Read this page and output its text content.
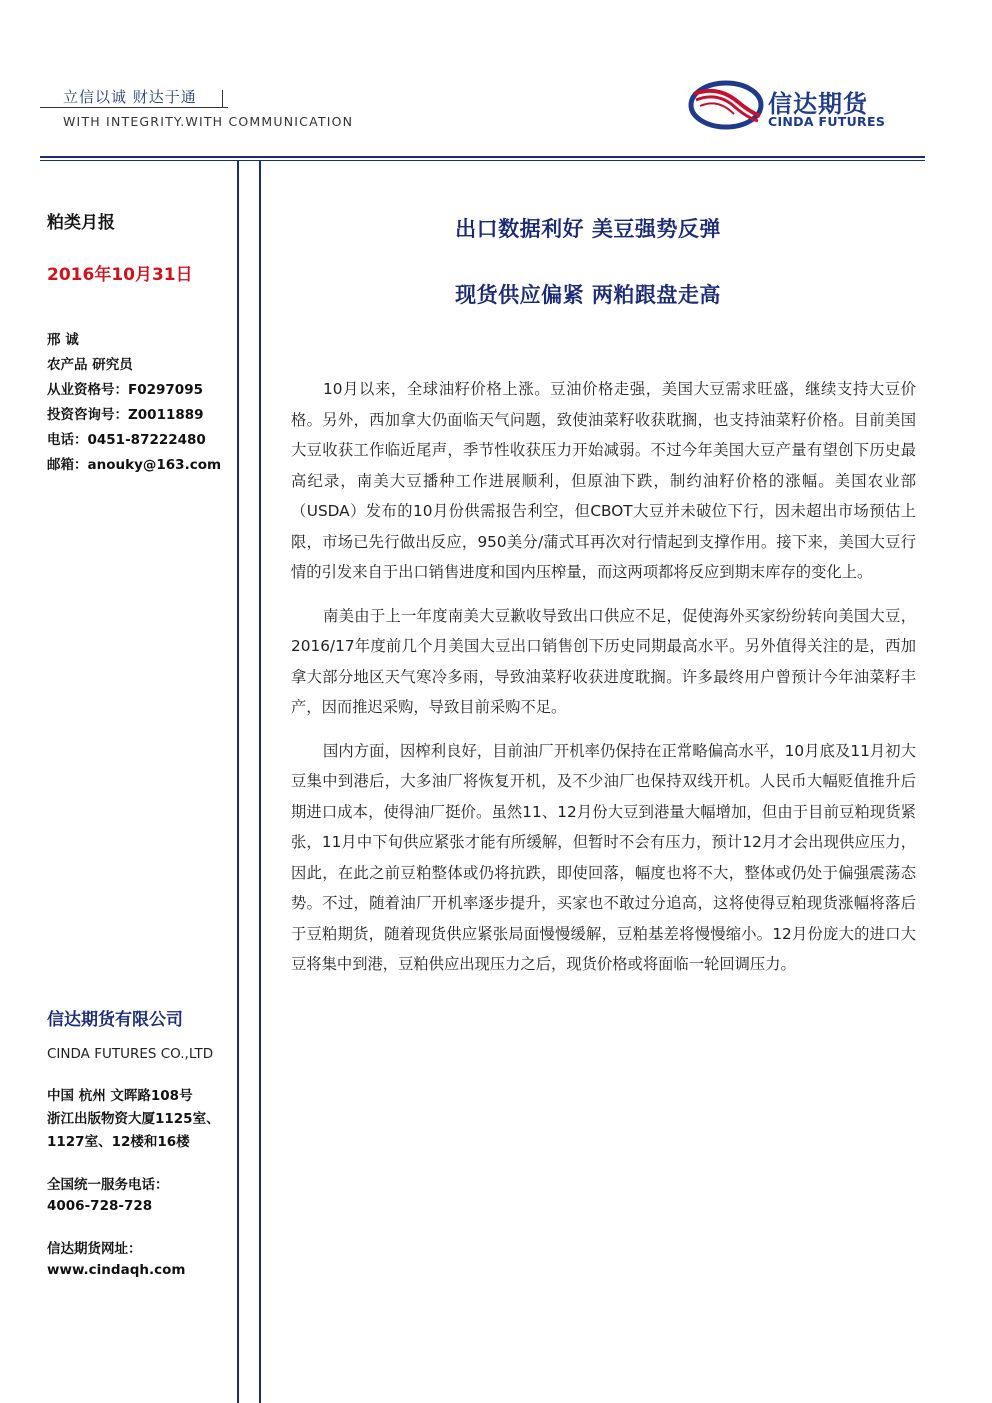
立信以诚 财达于通
WITH INTEGRITY.WITH COMMUNICATION
信达期货
CINDA FUTURES
粕类月报
2016年10月31日
邢 诚
农产品 研究员
从业资格号：F0297095
投资咨询号：Z0011889
电话：0451-87222480
邮箱：anouky@163.com
信达期货有限公司
CINDA FUTURES CO.,LTD
中国 杭州 文晖路108号
浙江出版物资大厦1125室、
1127室、12楼和16楼
全国统一服务电话：
4006-728-728
信达期货网址：
www.cindaqh.com
出口数据利好 美豆强势反弹
现货供应偏紧 两粕跟盘走高

10月以来，全球油籽价格上涨。豆油价格走强，美国大豆需求旺盛，继续支持大豆价格。另外，西加拿大仍面临天气问题，致使油菜籽收获耽搁，也支持油菜籽价格。目前美国大豆收获工作临近尾声，季节性收获压力开始减弱。不过今年美国大豆产量有望创下历史最高纪录，南美大豆播种工作进展顺利，但原油下跌，制约油籽价格的涨幅。美国农业部（USDA）发布的10月份供需报告利空，但CBOT大豆并未破位下行，因未超出市场预估上限，市场已先行做出反应，950美分/蒲式耳再次对行情起到支撑作用。接下来，美国大豆行情的引发来自于出口销售进度和国内压榨量，而这两项都将反应到期末库存的变化上。

南美由于上一年度南美大豆歉收导致出口供应不足，促使海外买家纷纷转向美国大豆，2016/17年度前几个月美国大豆出口销售创下历史同期最高水平。另外值得关注的是，西加拿大部分地区天气寒冷多雨，导致油菜籽收获进度耽搁。许多最终用户曾预计今年油菜籽丰产，因而推迟采购，导致目前采购不足。

国内方面，因榨利良好，目前油厂开机率仍保持在正常略偏高水平，10月底及11月初大豆集中到港后，大多油厂将恢复开机，及不少油厂也保持双线开机。人民币大幅贬值推升后期进口成本，使得油厂挺价。虽然11、12月份大豆到港量大幅增加，但由于目前豆粕现货紧张，11月中下旬供应紧张才能有所缓解，但暂时不会有压力，预计12月才会出现供应压力，因此，在此之前豆粕整体或仍将抗跌，即使回落，幅度也将不大，整体或仍处于偏强震荡态势。不过，随着油厂开机率逐步提升，买家也不敢过分追高，这将使得豆粕现货涨幅将落后于豆粕期货，随着现货供应紧张局面慢慢缓解，豆粕基差将慢慢缩小。12月份庞大的进口大豆将集中到港，豆粕供应出现压力之后，现货价格或将面临一轮回调压力。
